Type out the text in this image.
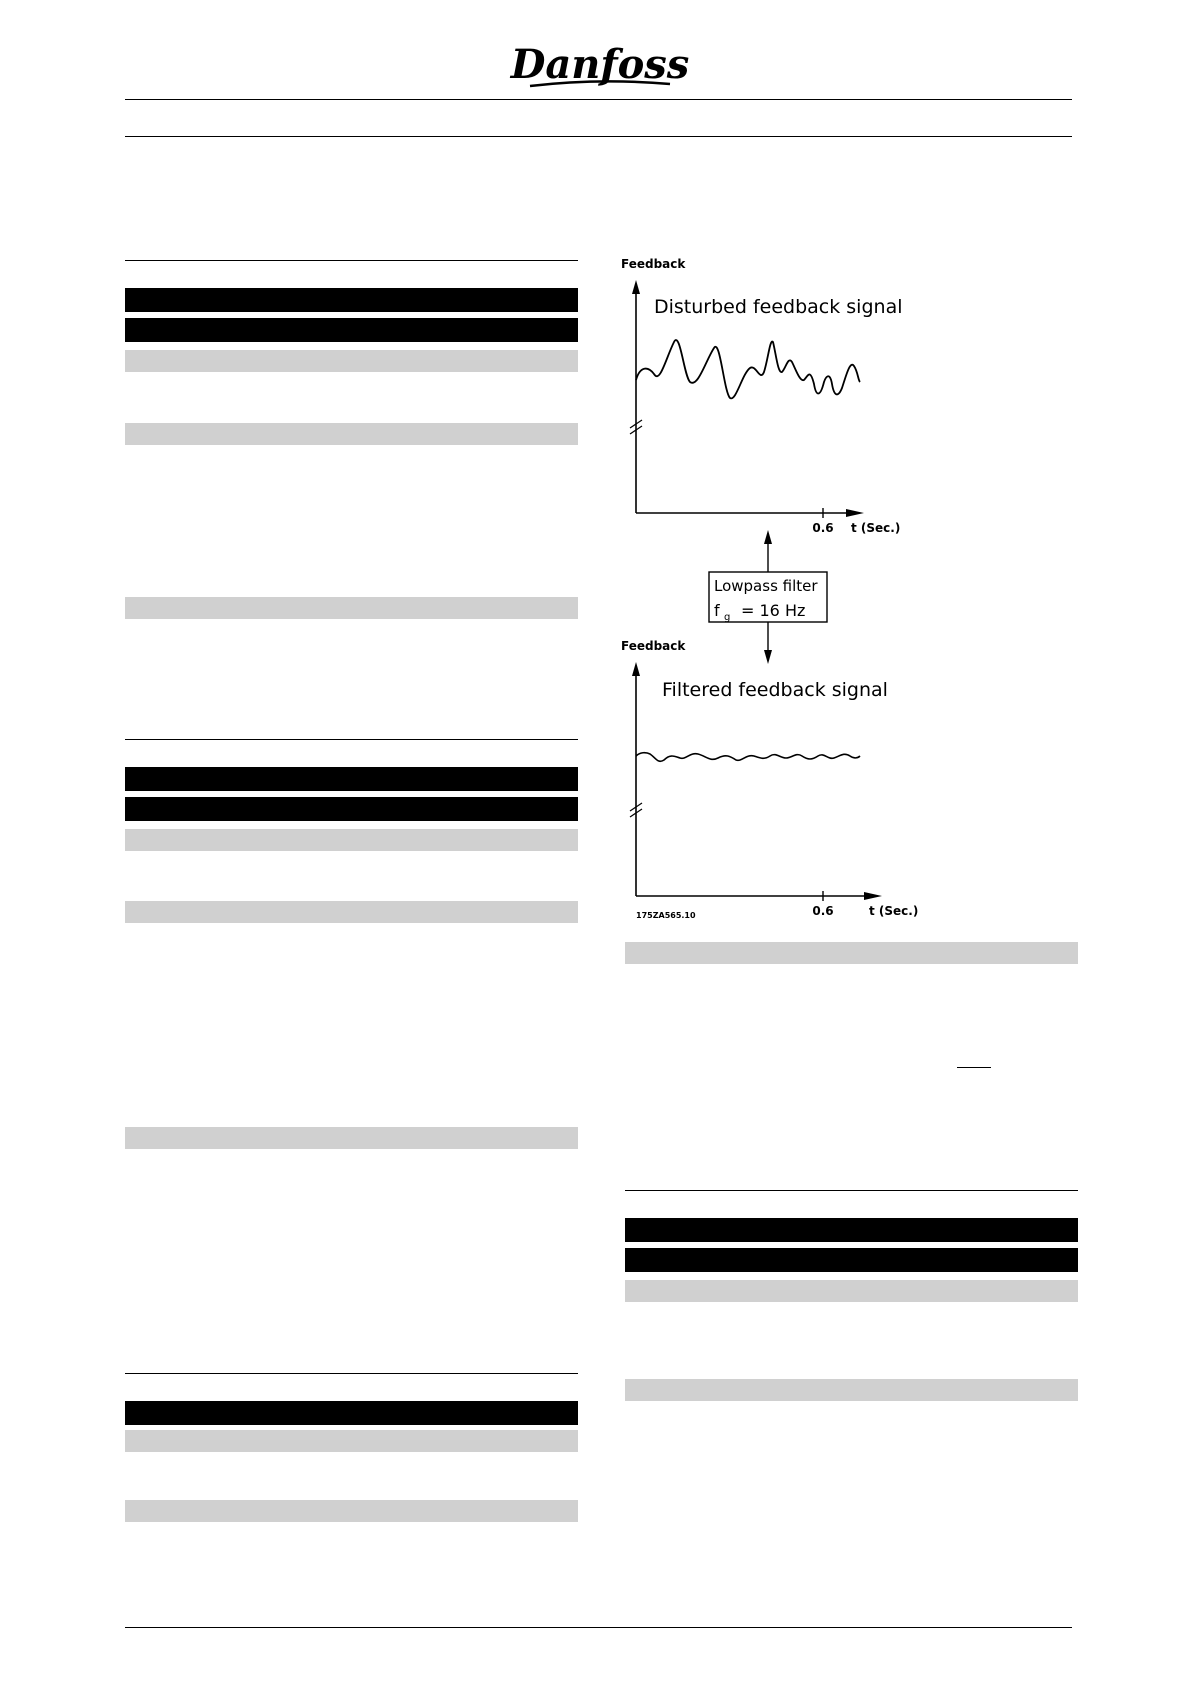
Danfoss
Feedback
Disturbed feedback signal
0.6 t (Sec.)
Lowpass filter
f g = 16 Hz
Feedback
Filtered feedback signal
0.6	t (Sec.)
175ZA565.10
